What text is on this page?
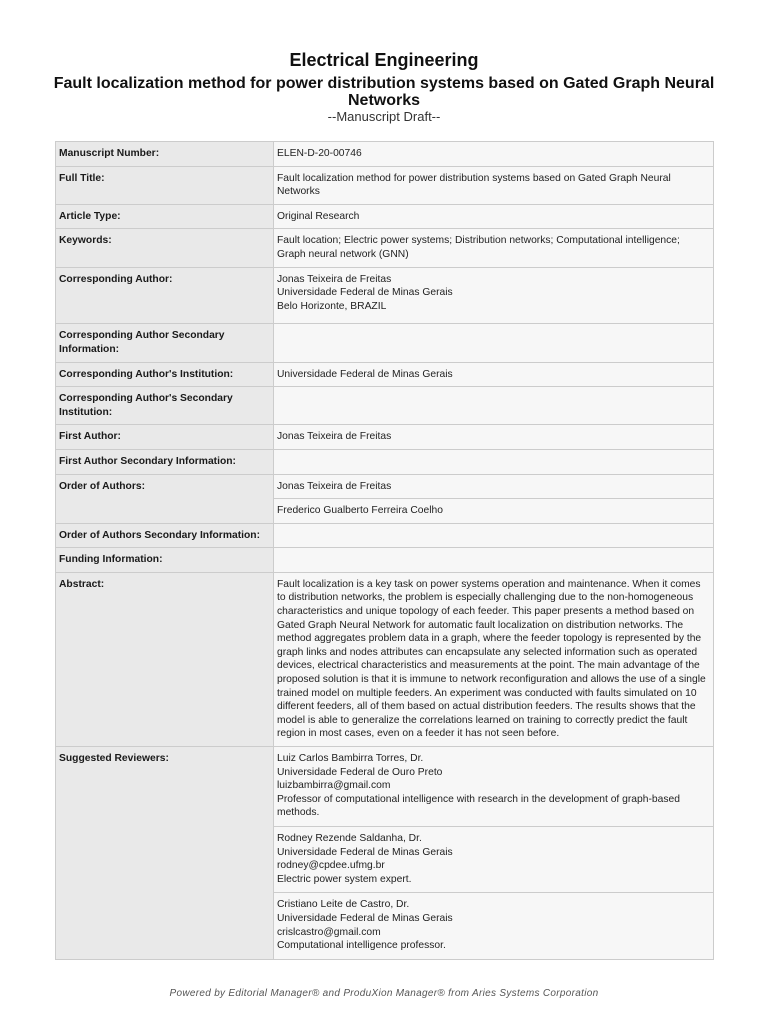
Electrical Engineering
Fault localization method for power distribution systems based on Gated Graph Neural Networks
--Manuscript Draft--
Manuscript Number:	ELEN-D-20-00746
Full Title:	Fault localization method for power distribution systems based on Gated Graph Neural Networks
Article Type:	Original Research
Keywords:	Fault location; Electric power systems; Distribution networks; Computational intelligence; Graph neural network (GNN)
Corresponding Author:	Jonas Teixeira de Freitas
Universidade Federal de Minas Gerais
Belo Horizonte, BRAZIL

Corresponding Author Secondary Information:	
Corresponding Author's Institution:	Universidade Federal de Minas Gerais
Corresponding Author's Secondary Institution:	
First Author:	Jonas Teixeira de Freitas
First Author Secondary Information:	
Order of Authors:	Jonas Teixeira de Freitas
	Frederico Gualberto Ferreira Coelho
Order of Authors Secondary Information:	
Funding Information:	
Abstract:	Fault localization is a key task on power systems operation and maintenance. When it comes to distribution networks, the problem is especially challenging due to the non-homogeneous characteristics and unique topology of each feeder. This paper presents a method based on Gated Graph Neural Network for automatic fault localization on distribution networks. The method aggregates problem data in a graph, where the feeder topology is represented by the graph links and nodes attributes can encapsulate any selected information such as operated devices, electrical characteristics and measurements at the point. The main advantage of the proposed solution is that it is immune to network reconfiguration and allows the use of a single trained model on multiple feeders. An experiment was conducted with faults simulated on 10 different feeders, all of them based on actual distribution feeders. The results shows that the model is able to generalize the correlations learned on training to correctly predict the fault region in most cases, even on a feeder it has not seen before.
Suggested Reviewers:	Luiz Carlos Bambirra Torres, Dr.
Universidade Federal de Ouro Preto
luizbambirra@gmail.com
Professor of computational intelligence with research in the development of graph-based methods.

	Rodney Rezende Saldanha, Dr.
Universidade Federal de Minas Gerais
rodney@cpdee.ufmg.br
Electric power system expert.

	Cristiano Leite de Castro, Dr.
Universidade Federal de Minas Gerais
crislcastro@gmail.com
Computational intelligence professor.
Powered by Editorial Manager® and ProduXion Manager® from Aries Systems Corporation
